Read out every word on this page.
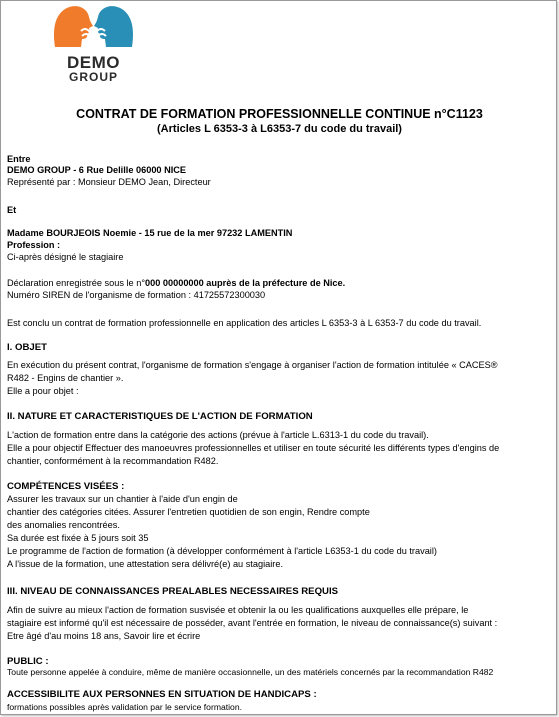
DEMO
GROUP
CONTRAT DE FORMATION PROFESSIONNELLE CONTINUE n°C1123
(Articles L 6353-3 à L6353-7 du code du travail)
Entre
DEMO GROUP - 6 Rue Delille 06000 NICE
Représenté par : Monsieur DEMO Jean, Directeur
Et
Madame BOURJEOIS Noemie - 15 rue de la mer 97232 LAMENTIN
Profession :
Ci-après désigné le stagiaire
Déclaration enregistrée sous le n°000 00000000 auprès de la préfecture de Nice.
Numéro SIREN de l'organisme de formation : 41725572300030
Est conclu un contrat de formation professionnelle en application des articles L 6353-3 à L 6353-7 du code du travail.
I. OBJET
En exécution du présent contrat, l'organisme de formation s'engage à organiser l'action de formation intitulée « CACES®
R482 - Engins de chantier ».
Elle a pour objet :
II. NATURE ET CARACTERISTIQUES DE L'ACTION DE FORMATION
L'action de formation entre dans la catégorie des actions (prévue à l'article L.6313-1 du code du travail).
Elle a pour objectif Effectuer des manoeuvres professionnelles et utiliser en toute sécurité les différents types d'engins de
chantier, conformément à la recommandation R482.
COMPÉTENCES VISÉES :
Assurer les travaux sur un chantier à l'aide d'un engin de
chantier des catégories citées. Assurer l'entretien quotidien de son engin, Rendre compte
des anomalies rencontrées.
Sa durée est fixée à 5 jours soit 35
Le programme de l'action de formation (à développer conformément à l'article L6353-1 du code du travail)
A l'issue de la formation, une attestation sera délivré(e) au stagiaire.
III. NIVEAU DE CONNAISSANCES PREALABLES NECESSAIRES REQUIS
Afin de suivre au mieux l'action de formation susvisée et obtenir la ou les qualifications auxquelles elle prépare, le
stagiaire est informé qu'il est nécessaire de posséder, avant l'entrée en formation, le niveau de connaissance(s) suivant :
Etre âgé d'au moins 18 ans, Savoir lire et écrire
PUBLIC :
Toute personne appelée à conduire, même de manière occasionnelle, un des matériels concernés par la recommandation R482
ACCESSIBILITE AUX PERSONNES EN SITUATION DE HANDICAPS :
formations possibles après validation par le service formation.
